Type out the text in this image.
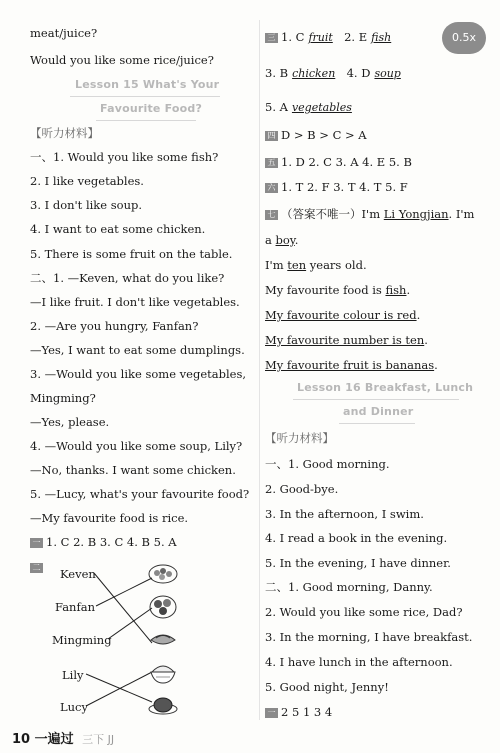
meat/juice?
Would you like some rice/juice?
Lesson 15 What's Your
Favourite Food?
【听力材料】
一、1. Would you like some fish?
2. I like vegetables.
3. I don't like soup.
4. I want to eat some chicken.
5. There is some fruit on the table.
二、1. —Keven, what do you like?
—I like fruit. I don't like vegetables.
2. —Are you hungry, Fanfan?
—Yes, I want to eat some dumplings.
3. —Would you like some vegetables,
Mingming?
—Yes, please.
4. —Would you like some soup, Lily?
—No, thanks. I want some chicken.
5. —Lucy, what's your favourite food?
—My favourite food is rice.
一 1. C 2. B 3. C 4. B 5. A
二	Keven
Fanfan
Mingming
Lily
Lucy
三 1. C fruit 2. E fish
3. B chicken 4. D soup
5. A vegetables
四 D > B > C > A
五 1. D 2. C 3. A 4. E 5. B
六 1. T 2. F 3. T 4. T 5. F
七 （答案不唯一）I'm Li Yongjian. I'm
a boy.
I'm ten years old.
My favourite food is fish.
My favourite colour is red.
My favourite number is ten.
My favourite fruit is bananas.
Lesson 16 Breakfast, Lunch
and Dinner
【听力材料】
一、1. Good morning.
2. Good-bye.
3. In the afternoon, I swim.
4. I read a book in the evening.
5. In the evening, I have dinner.
二、1. Good morning, Danny.
2. Would you like some rice, Dad?
3. In the morning, I have breakfast.
4. I have lunch in the afternoon.
5. Good night, Jenny!
一 2 5 1 3 4
0.5x
10 一遍过 三下 JJ
